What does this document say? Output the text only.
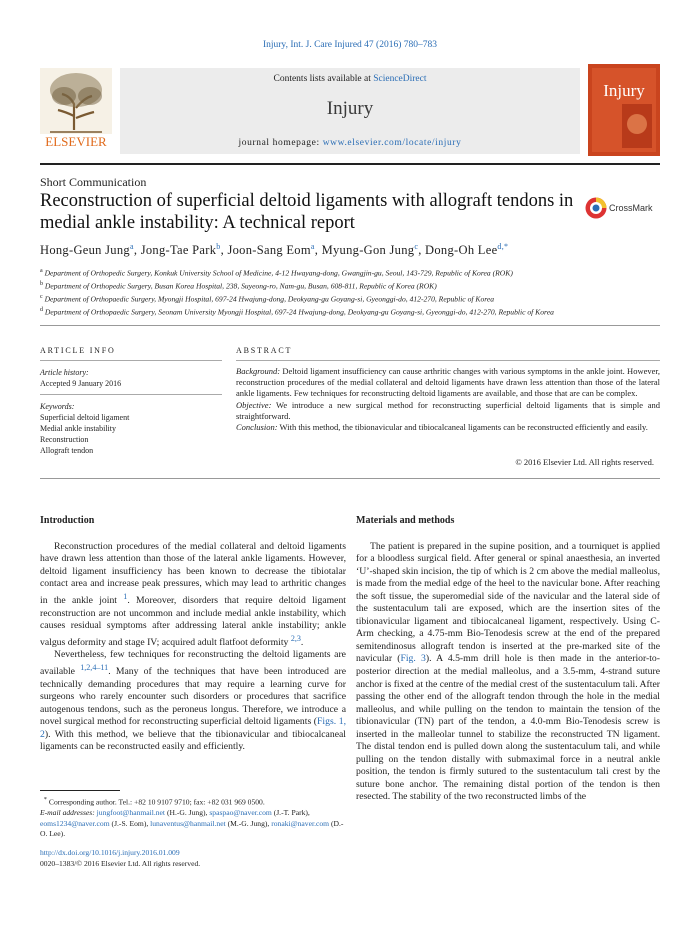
Injury, Int. J. Care Injured 47 (2016) 780–783
ELSEVIER
Contents lists available at ScienceDirect
Injury
journal homepage: www.elsevier.com/locate/injury
Injury
Short Communication
Reconstruction of superficial deltoid ligaments with allograft tendons in medial ankle instability: A technical report
CrossMark
Hong-Geun Jung$^a$, Jong-Tae Park$^b$, Joon-Sang Eom$^a$, Myung-Gon Jung$^c$, Dong-Oh Lee$^{d,*}$
$^a$ Department of Orthopedic Surgery, Konkuk University School of Medicine, 4-12 Hwayang-dong, Gwangjin-gu, Seoul, 143-729, Republic of Korea (ROK)
$^b$ Department of Orthopedic Surgery, Busan Korea Hospital, 238, Suyeong-ro, Nam-gu, Busan, 608-811, Republic of Korea (ROK)
$^c$ Department of Orthopaedic Surgery, Myongji Hospital, 697-24 Hwajung-dong, Deokyang-gu Goyang-si, Gyeonggi-do, 412-270, Republic of Korea
$^d$ Department of Orthopaedic Surgery, Seonam University Myongji Hospital, 697-24 Hwajung-dong, Deokyang-gu Goyang-si, Gyeonggi-do, 412-270, Republic of Korea
ARTICLE INFO	ABSTRACT
Article history:
Accepted 9 January 2016
Keywords:
Superficial deltoid ligament
Medial ankle instability
Reconstruction
Allograft tendon

Background: Deltoid ligament insufficiency can cause arthritic changes with various symptoms in the ankle joint. However, reconstruction procedures of the medial collateral and deltoid ligaments have drawn less attention than those of the lateral ankle ligaments. Few techniques for reconstructing deltoid ligaments are available, and those that are can be complex.

Objective: We introduce a new surgical method for reconstructing superficial deltoid ligaments that is simple and straightforward.

Conclusion: With this method, the tibionavicular and tibiocalcaneal ligaments can be reconstructed efficiently and easily.

© 2016 Elsevier Ltd. All rights reserved.
Introduction

Reconstruction procedures of the medial collateral and deltoid ligaments have drawn less attention than those of the lateral ankle ligaments. However, deltoid ligament insufficiency has been known to decrease the tibiotalar contact area and increase peak pressures, which may lead to arthritic changes in the ankle joint $^1$. Moreover, disorders that require deltoid ligament reconstruction are not uncommon and include medial ankle instability, which causes residual symptoms after addressing lateral ankle instability; ankle valgus deformity and stage IV; acquired adult flatfoot deformity $^{2,3}$.

Nevertheless, few techniques for reconstructing the deltoid ligaments are available $^{1,2,4-11}$. Many of the techniques that have been introduced are technically demanding procedures that may require a learning curve for surgeons who rarely encounter such disorders or procedures that sacrifice autogenous tendons, such as the peroneus longus. Therefore, we introduce a novel surgical method for reconstructing superficial deltoid ligaments (Figs. 1, 2). With this method, we believe that the tibionavicular and tibiocalcaneal ligaments can be reconstructed easily and efficiently.

Materials and methods

The patient is prepared in the supine position, and a tourniquet is applied for a bloodless surgical field. After general or spinal anaesthesia, an inverted ‘U’-shaped skin incision, the tip of which is 2 cm above the medial malleolus, is made from the medial edge of the heel to the navicular bone. After reaching the soft tissue, the superomedial side of the navicular and the lateral side of the sustentaculum tali are exposed, which are the insertion sites of the tibionavicular ligament and tibiocalcaneal ligament, respectively. Using C-Arm checking, a 4.75-mm Bio-Tenodesis screw at the end of the prepared semitendinosus allograft tendon is inserted at the pre-marked site of the navicular (Fig. 3). A 4.5-mm drill hole is then made in the anterior-to-posterior direction at the medial malleolus, and a 3.5-mm, 4-strand suture anchor is fixed at the centre of the medial crest of the sustentaculum tali. After passing the other end of the allograft tendon through the hole in the medial malleolus, and while pulling on the tendon to maintain the tension of the tibionavicular (TN) part of the tendon, a 4.0-mm Bio-Tenodesis screw is inserted in the malleolar tunnel to stabilize the reconstructed TN ligament. The distal tendon end is pulled down along the sustentaculum tali, and while pulling on the tendon distally with submaximal force in a neutral ankle position, the tendon is firmly sutured to the sustentaculum tali crest by the suture bone anchor. The remaining distal portion of the tendon is then resected. The stability of the two reconstructed limbs of the

* Corresponding author. Tel.: +82 10 9107 9710; fax: +82 031 969 0500.
E-mail addresses: jungfoot@hanmail.net (H.-G. Jung), spaspao@naver.com (J.-T. Park), eoms1234@naver.com (J.-S. Eom), lunaventus@hanmail.net (M.-G. Jung), ronaki@naver.com (D.-O. Lee).
http://dx.doi.org/10.1016/j.injury.2016.01.009
0020–1383/© 2016 Elsevier Ltd. All rights reserved.
